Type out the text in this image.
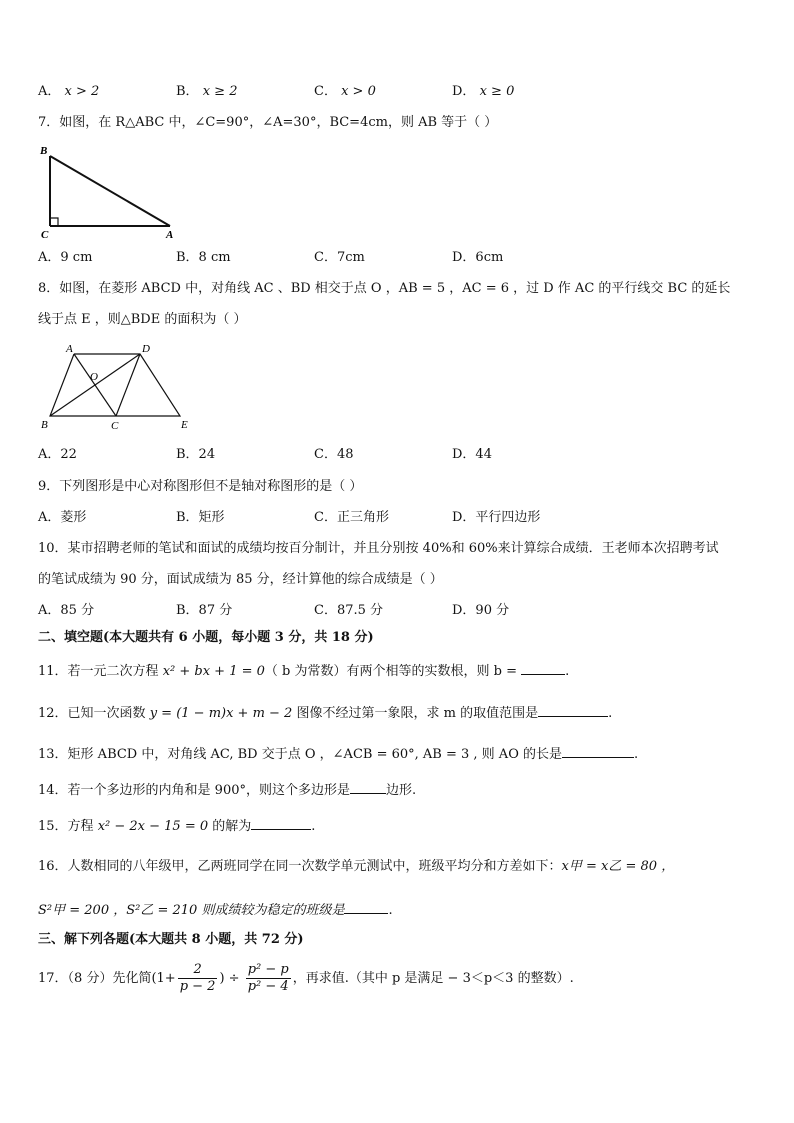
A． x > 2	B． x ≥ 2	C． x > 0	D． x ≥ 0
7．如图，在 R△ABC 中，∠C=90°，∠A=30°，BC=4cm，则 AB 等于（ ）
B
C	A
A．9 cm	B．8 cm	C．7cm	D．6cm
8．如图，在菱形 ABCD 中，对角线 AC 、BD 相交于点 O ，AB = 5 ，AC = 6 ，过 D 作 AC 的平行线交 BC 的延长
线于点 E ，则△BDE 的面积为（ ）
A	D
O
B	C	E
A．22	B．24	C．48	D．44
9．下列图形是中心对称图形但不是轴对称图形的是（ ）
A．菱形	B．矩形	C．正三角形	D．平行四边形
10．某市招聘老师的笔试和面试的成绩均按百分制计，并且分别按 40%和 60%来计算综合成绩．王老师本次招聘考试
的笔试成绩为 90 分，面试成绩为 85 分，经计算他的综合成绩是（ ）
A．85 分	B．87 分	C．87.5 分	D．90 分
二、填空题(本大题共有 6 小题，每小题 3 分，共 18 分)
11．若一元二次方程 x² + bx + 1 = 0（ b 为常数）有两个相等的实数根，则 b =	.
12．已知一次函数 y = (1 − m)x + m − 2 图像不经过第一象限，求 m 的取值范围是	.
13．矩形 ABCD 中，对角线 AC, BD 交于点 O ，∠ACB = 60°, AB = 3 , 则 AO 的长是	.
14．若一个多边形的内角和是 900°，则这个多边形是	边形.
15．方程 x² − 2x − 15 = 0 的解为	.
16．人数相同的八年级甲，乙两班同学在同一次数学单元测试中，班级平均分和方差如下：x甲 = x乙 = 80 ，
S²甲 = 200 ，S²乙 = 210 则成绩较为稳定的班级是	.
三、解下列各题(本大题共 8 小题，共 72 分)
17．（8 分）先化简($1+ \frac{2}{p - 2}$ ) ÷ $\frac{\text{p² − p}}{\text{p² − 4}}$ ，再求值.（其中 p 是满足 − 3＜p＜3 的整数）.
